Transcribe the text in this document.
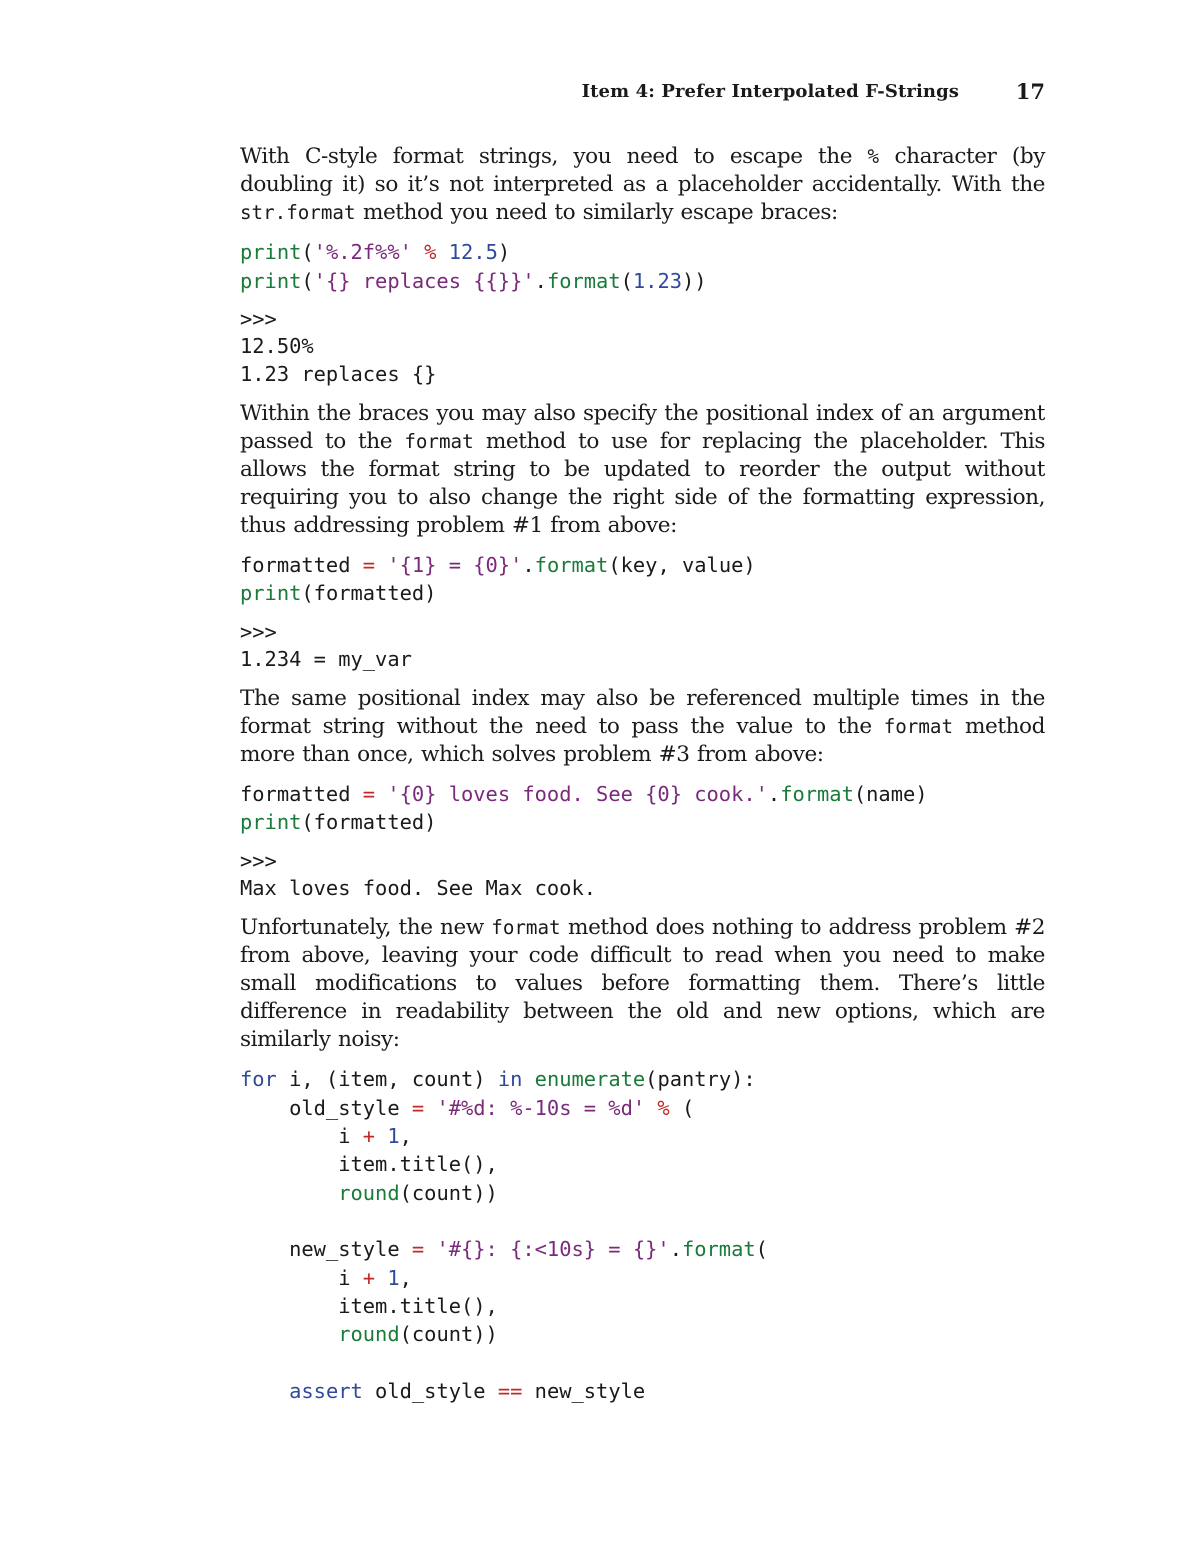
Item 4: Prefer Interpolated F-Strings	17

With C-style format strings, you need to escape the % character (by doubling it) so it’s not interpreted as a placeholder accidentally. With the str.format method you need to similarly escape braces:

print('%.2f%%' % 12.5)
print('{} replaces {{}}'.format(1.23))
>>>
12.50%
1.23 replaces {}

Within the braces you may also specify the positional index of an argument passed to the format method to use for replacing the placeholder. This allows the format string to be updated to reorder the output without requiring you to also change the right side of the formatting expression, thus addressing problem #1 from above:

formatted = '{1} = {0}'.format(key, value)
print(formatted)
>>>
1.234 = my_var

The same positional index may also be referenced multiple times in the format string without the need to pass the value to the format method more than once, which solves problem #3 from above:

formatted = '{0} loves food. See {0} cook.'.format(name)
print(formatted)
>>>
Max loves food. See Max cook.

Unfortunately, the new format method does nothing to address problem #2 from above, leaving your code difficult to read when you need to make small modifications to values before formatting them. There’s little difference in readability between the old and new options, which are similarly noisy:

for i, (item, count) in enumerate(pantry):
old_style = '#%d: %-10s = %d' % (
i + 1,
item.title(),
round(count))

new_style = '#{}: {:<10s} = {}'.format(
i + 1,
item.title(),
round(count))

assert old_style == new_style
